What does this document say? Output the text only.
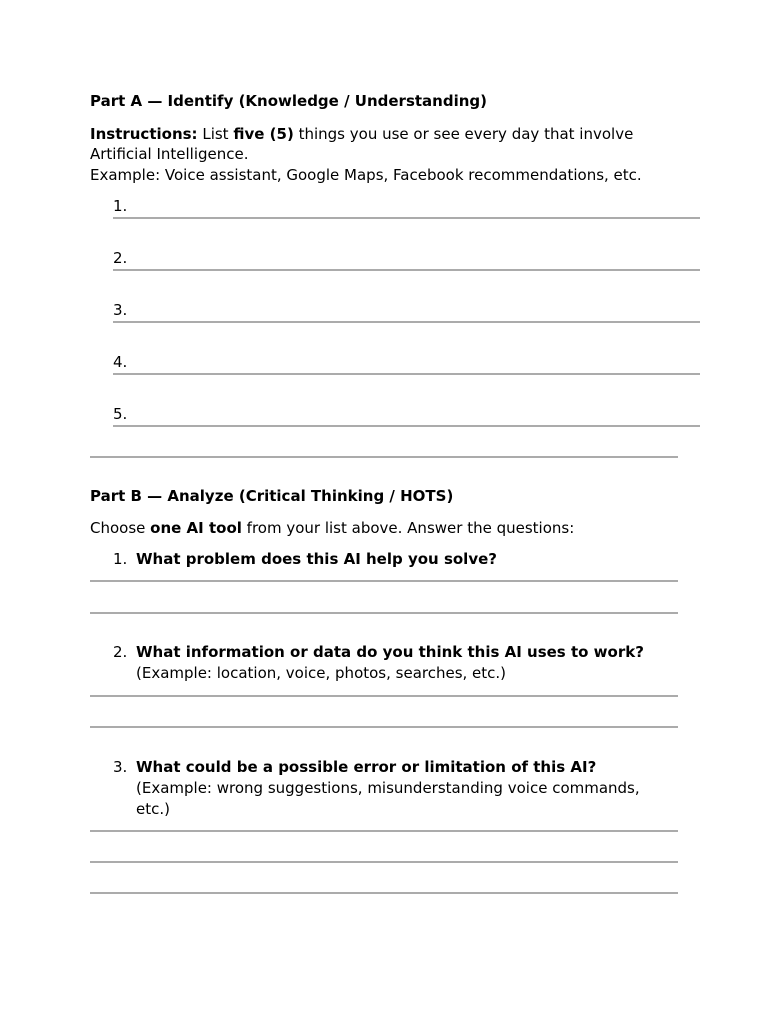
Part A — Identify (Knowledge / Understanding)
Instructions: List five (5) things you use or see every day that involve
Artificial Intelligence.
Example: Voice assistant, Google Maps, Facebook recommendations, etc.
1.
2.
3.
4.
5.
Part B — Analyze (Critical Thinking / HOTS)
Choose one AI tool from your list above. Answer the questions:
1. What problem does this AI help you solve?
2. What information or data do you think this AI uses to work?
(Example: location, voice, photos, searches, etc.)
3. What could be a possible error or limitation of this AI?
(Example: wrong suggestions, misunderstanding voice commands,
etc.)
